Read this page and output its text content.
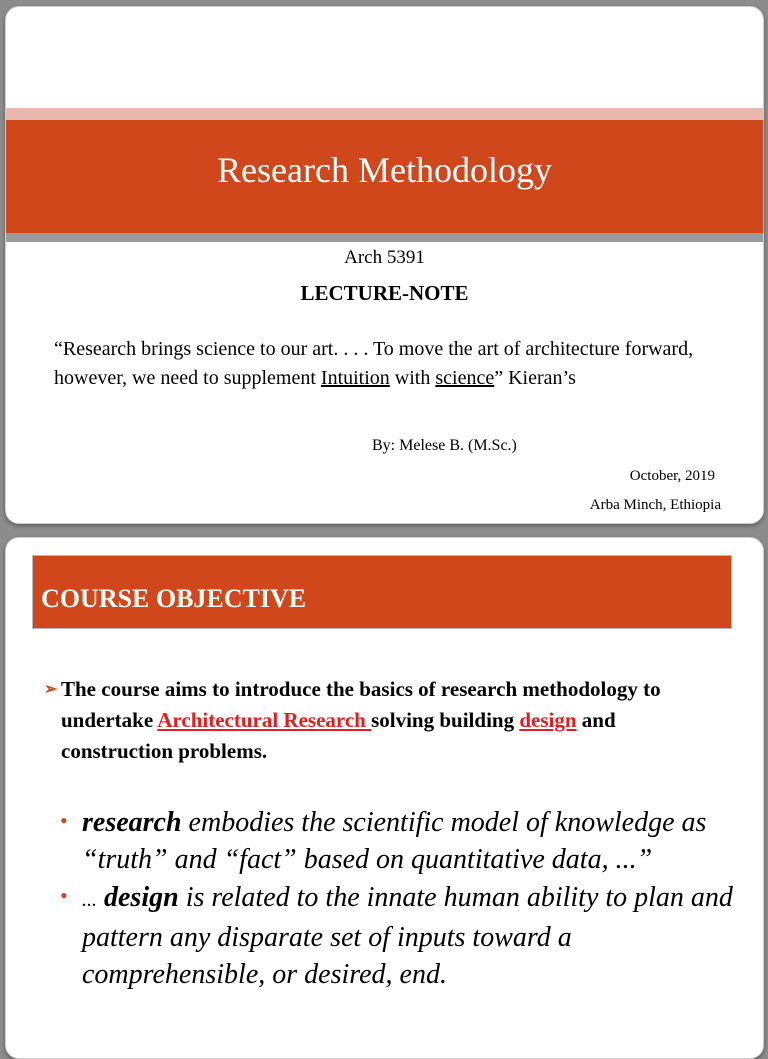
Research Methodology
Arch 5391
LECTURE-NOTE
“Research brings science to our art. . . . To move the art of architecture forward, however, we need to supplement Intuition with science” Kieran’s
By: Melese B. (M.Sc.)
October, 2019
Arba Minch, Ethiopia
COURSE OBJECTIVE
➢ The course aims to introduce the basics of research methodology to undertake Architectural Research solving building design and construction problems.
• research embodies the scientific model of knowledge as “truth” and “fact” based on quantitative data, ...”
• ... design is related to the innate human ability to plan and pattern any disparate set of inputs toward a comprehensible, or desired, end.
